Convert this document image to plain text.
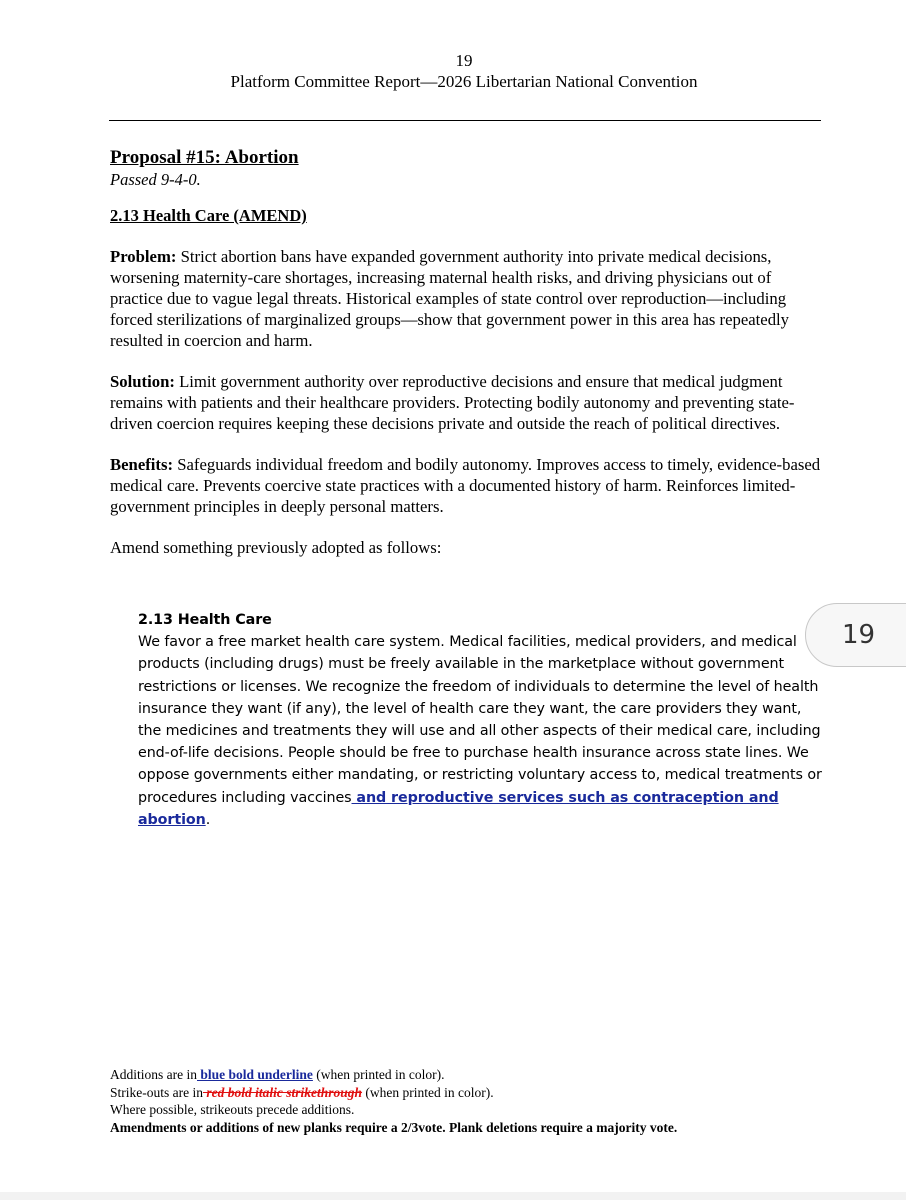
19
Platform Committee Report—2026 Libertarian National Convention

Proposal #15: Abortion

Passed 9-4-0.

2.13 Health Care (AMEND)

Problem: Strict abortion bans have expanded government authority into private medical decisions, worsening maternity-care shortages, increasing maternal health risks, and driving physicians out of practice due to vague legal threats. Historical examples of state control over reproduction—including forced sterilizations of marginalized groups—show that government power in this area has repeatedly resulted in coercion and harm.

Solution: Limit government authority over reproductive decisions and ensure that medical judgment remains with patients and their healthcare providers. Protecting bodily autonomy and preventing state-driven coercion requires keeping these decisions private and outside the reach of political directives.

Benefits: Safeguards individual freedom and bodily autonomy. Improves access to timely, evidence-based medical care. Prevents coercive state practices with a documented history of harm. Reinforces limited-government principles in deeply personal matters.

Amend something previously adopted as follows:

2.13 Health Care

We favor a free market health care system. Medical facilities, medical providers, and medical products (including drugs) must be freely available in the marketplace without government restrictions or licenses. We recognize the freedom of individuals to determine the level of health insurance they want (if any), the level of health care they want, the care providers they want, the medicines and treatments they will use and all other aspects of their medical care, including end-of-life decisions. People should be free to purchase health insurance across state lines. We oppose governments either mandating, or restricting voluntary access to, medical treatments or procedures including vaccines and reproductive services such as contraception and abortion.

19

Additions are in blue bold underline (when printed in color).

Strike-outs are in red bold italic strikethrough (when printed in color).

Where possible, strikeouts precede additions.

Amendments or additions of new planks require a 2/3vote. Plank deletions require a majority vote.
